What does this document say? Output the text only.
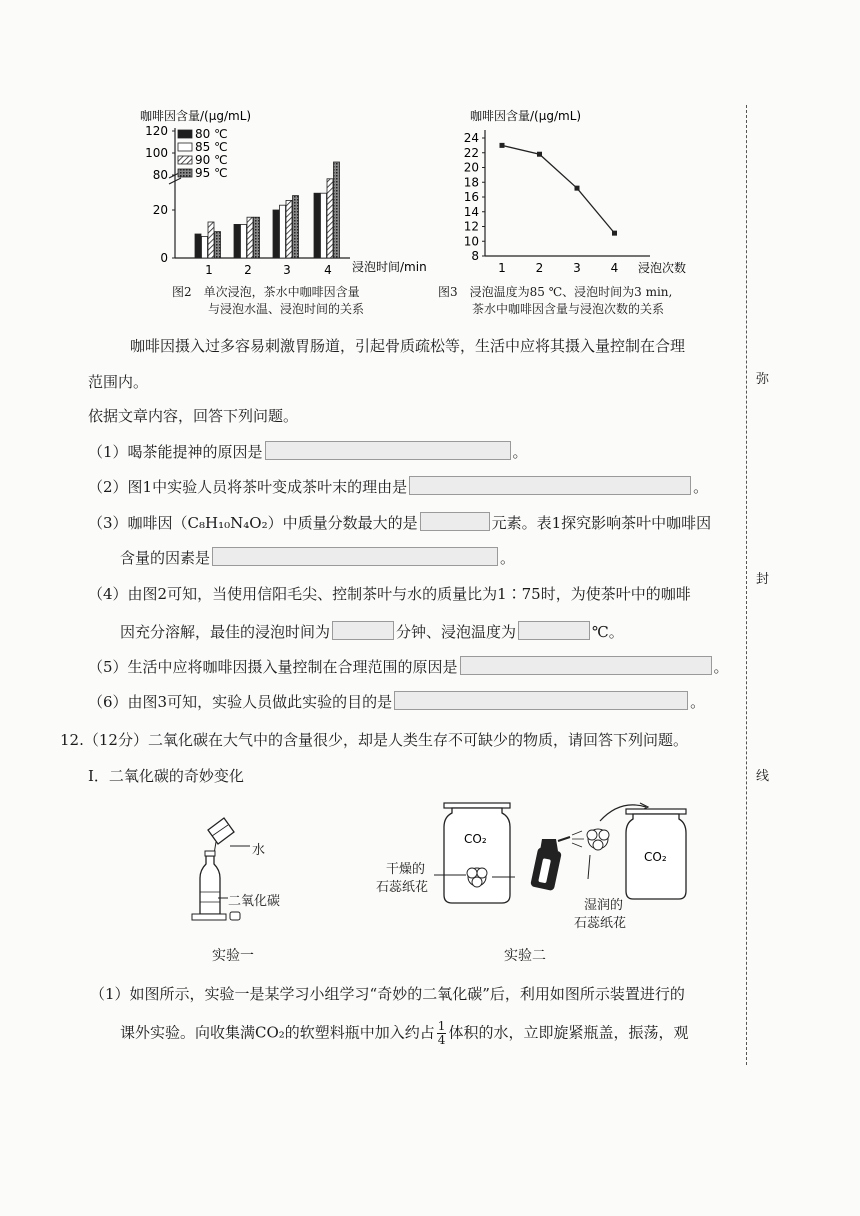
咖啡因含量/(μg/mL)
浸泡时间/min
0
20
80
100
120
1	2	3	4
80 ℃
85 ℃
90 ℃
95 ℃
图2　单次浸泡，茶水中咖啡因含量
与浸泡水温、浸泡时间的关系
咖啡因含量/(μg/mL)
浸泡次数
8
10
12
14
16
18
20
22
24
1 2 3 4
图3　浸泡温度为85 ℃、浸泡时间为3 min,
茶水中咖啡因含量与浸泡次数的关系
咖啡因摄入过多容易刺激胃肠道，引起骨质疏松等，生活中应将其摄入量控制在合理
范围内。
依据文章内容，回答下列问题。
（1）喝茶能提神的原因是	。
（2）图1中实验人员将茶叶变成茶叶末的理由是	。
（3）咖啡因（C₈H₁₀N₄O₂）中质量分数最大的是	元素。表1探究影响茶叶中咖啡因
含量的因素是	。
（4）由图2可知，当使用信阳毛尖、控制茶叶与水的质量比为1∶75时，为使茶叶中的咖啡
因充分溶解，最佳的浸泡时间为	分钟、浸泡温度为	℃。
（5）生活中应将咖啡因摄入量控制在合理范围的原因是	。
（6）由图3可知，实验人员做此实验的目的是	。
12.（12分）二氧化碳在大气中的含量很少，却是人类生存不可缺少的物质，请回答下列问题。
Ⅰ．二氧化碳的奇妙变化
水
二氧化碳
实验一
CO₂
CO₂
干燥的
石蕊纸花
湿润的
石蕊纸花
实验二
（1）如图所示，实验一是某学习小组学习“奇妙的二氧化碳”后，利用如图所示装置进行的
课外实验。向收集满CO₂的软塑料瓶中加入约占 $\frac{1}{4}$ 体积的水，立即旋紧瓶盖，振荡，观
弥
封
线
